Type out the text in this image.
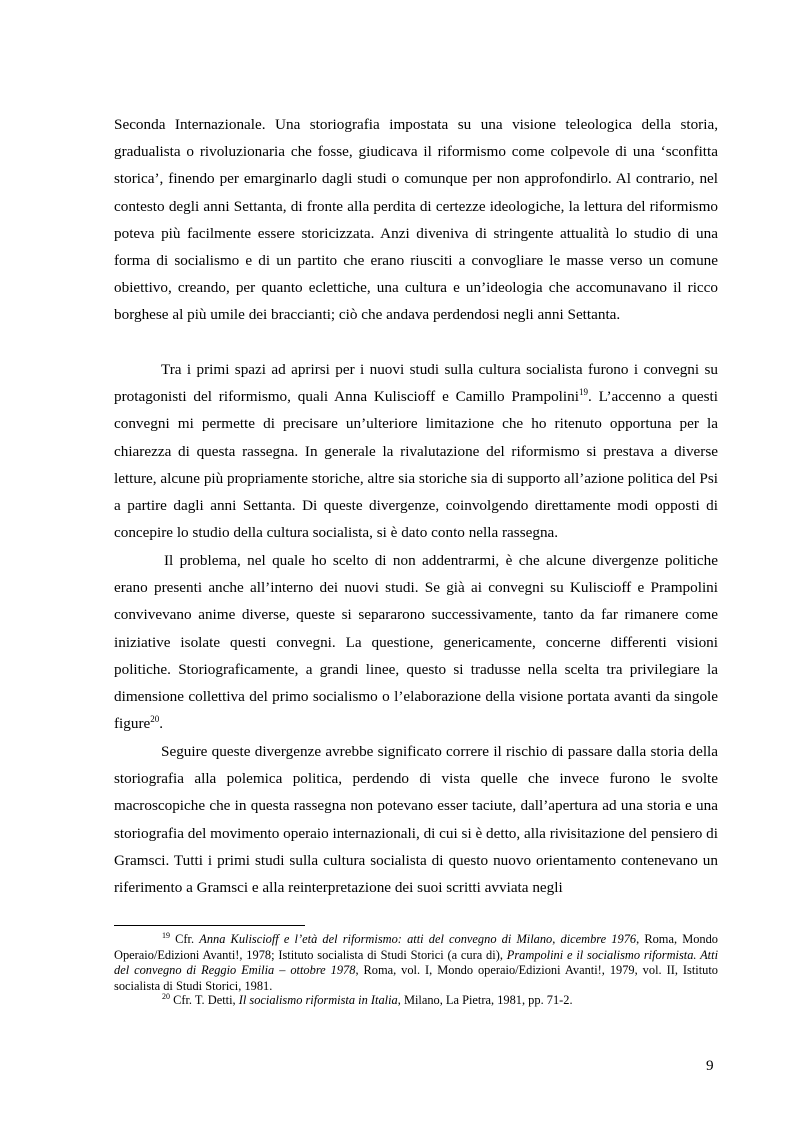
Seconda Internazionale. Una storiografia impostata su una visione teleologica della storia, gradualista o rivoluzionaria che fosse, giudicava il riformismo come colpevole di una ‘sconfitta storica’, finendo per emarginarlo dagli studi o comunque per non approfondirlo. Al contrario, nel contesto degli anni Settanta, di fronte alla perdita di certezze ideologiche, la lettura del riformismo poteva più facilmente essere storicizzata. Anzi diveniva di stringente attualità lo studio di una forma di socialismo e di un partito che erano riusciti a convogliare le masse verso un comune obiettivo, creando, per quanto eclettiche, una cultura e un’ideologia che accomunavano il ricco borghese al più umile dei braccianti; ciò che andava perdendosi negli anni Settanta.

Tra i primi spazi ad aprirsi per i nuovi studi sulla cultura socialista furono i convegni su protagonisti del riformismo, quali Anna Kuliscioff e Camillo Prampolini$^{19}$. L’accenno a questi convegni mi permette di precisare un’ulteriore limitazione che ho ritenuto opportuna per la chiarezza di questa rassegna. In generale la rivalutazione del riformismo si prestava a diverse letture, alcune più propriamente storiche, altre sia storiche sia di supporto all’azione politica del Psi a partire dagli anni Settanta. Di queste divergenze, coinvolgendo direttamente modi opposti di concepire lo studio della cultura socialista, si è dato conto nella rassegna.

Il problema, nel quale ho scelto di non addentrarmi, è che alcune divergenze politiche erano presenti anche all’interno dei nuovi studi. Se già ai convegni su Kuliscioff e Prampolini convivevano anime diverse, queste si separarono successivamente, tanto da far rimanere come iniziative isolate questi convegni. La questione, genericamente, concerne differenti visioni politiche. Storiograficamente, a grandi linee, questo si tradusse nella scelta tra privilegiare la dimensione collettiva del primo socialismo o l’elaborazione della visione portata avanti da singole figure$^{20}$.

Seguire queste divergenze avrebbe significato correre il rischio di passare dalla storia della storiografia alla polemica politica, perdendo di vista quelle che invece furono le svolte macroscopiche che in questa rassegna non potevano esser taciute, dall’apertura ad una storia e una storiografia del movimento operaio internazionali, di cui si è detto, alla rivisitazione del pensiero di Gramsci. Tutti i primi studi sulla cultura socialista di questo nuovo orientamento contenevano un riferimento a Gramsci e alla reinterpretazione dei suoi scritti avviata negli

$^{19}$ Cfr. Anna Kuliscioff e l’età del riformismo: atti del convegno di Milano, dicembre 1976, Roma, Mondo Operaio/Edizioni Avanti!, 1978; Istituto socialista di Studi Storici (a cura di), Prampolini e il socialismo riformista. Atti del convegno di Reggio Emilia – ottobre 1978, Roma, vol. I, Mondo operaio/Edizioni Avanti!, 1979, vol. II, Istituto socialista di Studi Storici, 1981.

$^{20}$ Cfr. T. Detti, Il socialismo riformista in Italia, Milano, La Pietra, 1981, pp. 71-2.

9
